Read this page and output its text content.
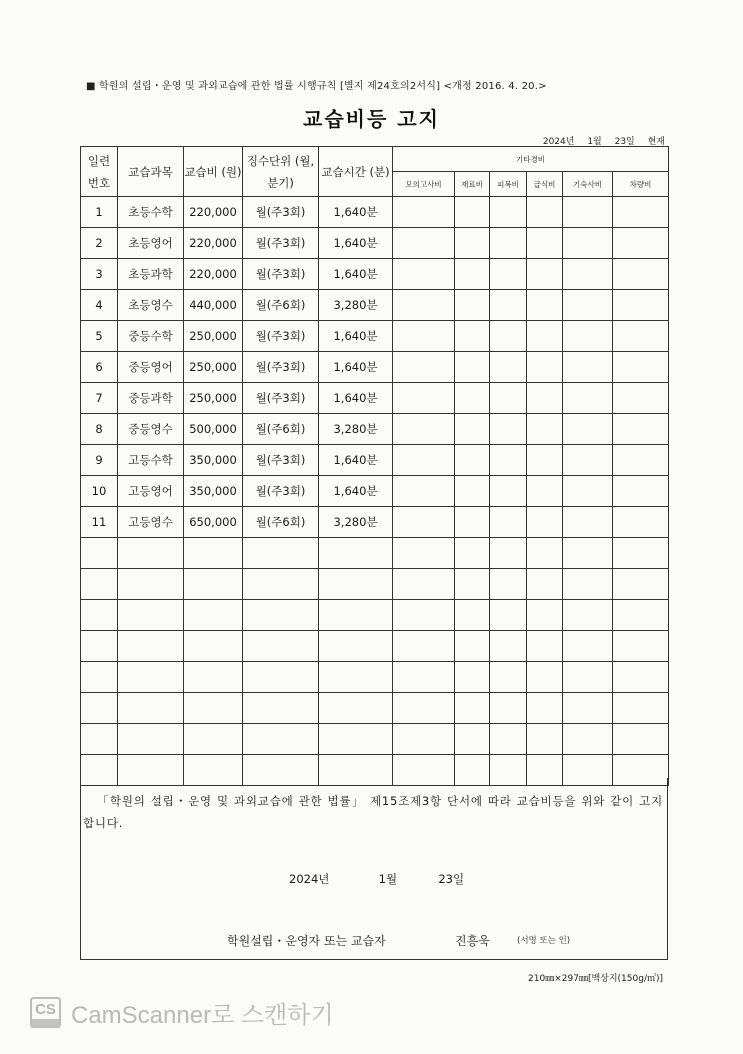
■ 학원의 설립・운영 및 과외교습에 관한 법률 시행규칙 [별지 제24호의2서식] <개정 2016. 4. 20.>
교습비등 고지
2024년 1월 23일 현재
일련 번호	교습과목	교습비 (원)	징수단위 (월, 분기)	교습시간 (분)	기타경비					
					모의고사비	재료비	피복비	급식비	기숙사비	차량비
1	초등수학	220,000	월(주3회)	1,640분						
2	초등영어	220,000	월(주3회)	1,640분						
3	초등과학	220,000	월(주3회)	1,640분						
4	초등영수	440,000	월(주6회)	3,280분						
5	중등수학	250,000	월(주3회)	1,640분						
6	중등영어	250,000	월(주3회)	1,640분						
7	중등과학	250,000	월(주3회)	1,640분						
8	중등영수	500,000	월(주6회)	3,280분						
9	고등수학	350,000	월(주3회)	1,640분						
10	고등영어	350,000	월(주3회)	1,640분						
11	고등영수	650,000	월(주6회)	3,280분						

「학원의 설립・운영 및 과외교습에 관한 법률」 제15조제3항 단서에 따라 교습비등을 위와 같이 고지합니다.
2024년	1월	23일
학원설립・운영자 또는 교습자	진흥욱	(서명 또는 인)
210㎜×297㎜[백상지(150g/㎡)]
CS CamScanner로 스캔하기
